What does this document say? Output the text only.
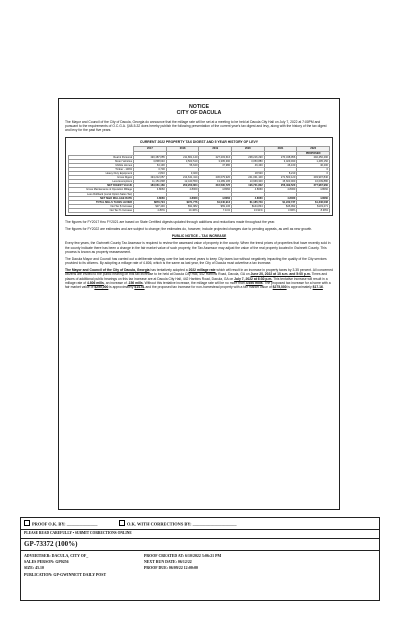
NOTICE
CITY OF DACULA

The Mayor and Council of the City of Dacula, Georgia do announce that the millage rate will be set at a meeting to be held at Dacula City Hall on July 7, 2022 at 7:00PM and pursuant to the requirements of O.C.G.A. §48-5-32 does hereby publish the following presentation of the current year's tax digest and levy, along with the history of the tax digest and levy for the past five years.

CURRENT 2022 PROPERTY TAX DIGEST AND 5 YEAR HISTORY OF LEVY
	2017	2018	2019	2020	2021	2022
						PROPOSED
Real & Personal	190,487,055	211,801,140	227,203,616	238,216,290	270,348,956	292,456,490
Motor Vehicles	3,898,640	3,503,510	3,395,390	3,050,880	3,029,930	1,495,150
Mobile Homes	64,190	56,640	47,980	46,430	46,160	46,200
Timber - 100%	3,700					0
Heavy Duty Equipment	2,810	3,020		18,520	8,210	0
Gross Digest	194,212,057	214,641,414	230,079,920	241,031,100	271,503,120	293,997,840
Less Exemptions	11,151,898	12,440,550	13,489,195	13,969,300	15,603,900	16,009,880
NET DIGEST VALUE	183,061,169	202,200,864	216,590,725	196,721,802	256,499,520	277,987,960
Gross Maintenance & Operation Millage	4.8060	4.8060	4.8060	4.8060	4.8060	4.8060
Less Rollback (Local Option Sales Tax)						
NET M&O MILLAGE RATE	4.8060	4.8060	4.8060	4.8060	4.8060	4.8060
TOTAL MILLS TAXES LEVIED	$879,794	$971,776	$1,040,913	$1,185,749	$1,232,737	$1,336,008
Net Tax $ Increase	$37,449	$91,982	$69,136	$144,834	$46,992	$103,271
Net Tax % Increase	4.80%	10.46%	7.11%	13.91%	3.96%	8.38%

The figures for FY2017 thru FY2021 are based on State Certified digests updated through additions and reductions made throughout the year.

The figures for FY2022 are estimates and are subject to change; the estimates do, however, include projected changes due to pending appeals, as well as new growth.

PUBLIC NOTICE – TAX INCREASE

Every few years, the Gwinnett County Tax Assessor is required to review the assessed value of property in the county. When the trend prices of properties that have recently sold in the county indicate there has been a change in the fair market value of such property, the Tax Assessor may adjust the value of the real property located in Gwinnett County. This process is known as property reassessment.

The Dacula Mayor and Council has carried out a deliberate strategy over the last several years to keep City taxes low without negatively impacting the quality of the City services provided to its citizens. By adopting a millage rate of 4.806, which is the same as last year, the City of Dacula must advertise a tax increase.

The Mayor and Council of the City of Dacula, Georgia has tentatively adopted a 2022 millage rate which will result in an increase in property taxes by 3.35 percent. All concerned citizens are invited to the public hearing on this tax increase to be held at Dacula City Hall, 442 Harbins Road, Dacula, GA on June 20, 2022 at 10 a.m. and 5:00 p.m. Times and places of additional public hearings on this tax increase are at Dacula City Hall, 442 Harbins Road, Dacula, GA on July 7, 2022 at 6:30 p.m. This tentative increase will result in a millage rate of 4.806 mills, an increase of .156 mills. Without this tentative increase, the millage rate will be no more than 4.650 mills. The proposed tax increase for a home with a fair market value of $250,000 is approximately $14.51 and the proposed tax increase for non-homestead property with a fair market value of $275,000 is approximately $17.16.

PROOF O.K. BY: ______________	O.K. WITH CORRECTIONS BY: ____________________
PLEASE READ CAREFULLY • SUBMIT CORRECTIONS ONLINE
GP-73372 (100%)
ADVERTISER: DACULA, CITY OF_
SALES PERSON: GP0256
SIZE: 45.10
PUBLICATION: GP-GWINNETT DAILY POST
PROOF CREATED AT: 6/10/2022 3:06:21 PM
NEXT RUN DATE: 06/12/22
PROOF DUE: 06/09/22 12:00:00
